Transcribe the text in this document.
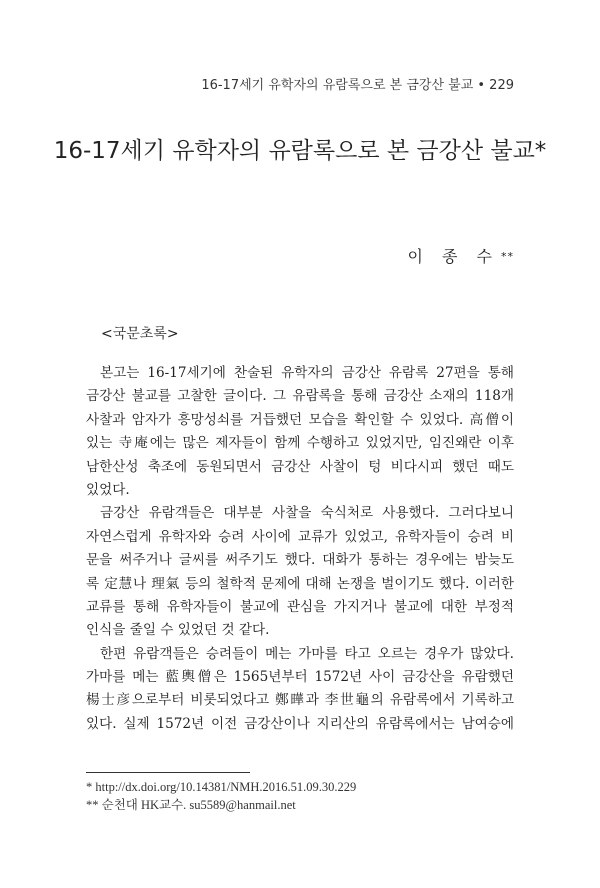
16-17세기 유학자의 유람록으로 본 금강산 불교 • 229
16-17세기 유학자의 유람록으로 본 금강산 불교*
이 종 수 **
<국문초록>
본고는 16-17세기에 찬술된 유학자의 금강산 유람록 27편을 통해
금강산 불교를 고찰한 글이다. 그 유람록을 통해 금강산 소재의 118개
사찰과 암자가 흥망성쇠를 거듭했던 모습을 확인할 수 있었다. 高僧이
있는 寺庵에는 많은 제자들이 함께 수행하고 있었지만, 임진왜란 이후
남한산성 축조에 동원되면서 금강산 사찰이 텅 비다시피 했던 때도
있었다.
금강산 유람객들은 대부분 사찰을 숙식처로 사용했다. 그러다보니
자연스럽게 유학자와 승려 사이에 교류가 있었고, 유학자들이 승려 비
문을 써주거나 글씨를 써주기도 했다. 대화가 통하는 경우에는 밤늦도
록 定慧나 理氣 등의 철학적 문제에 대해 논쟁을 벌이기도 했다. 이러한
교류를 통해 유학자들이 불교에 관심을 가지거나 불교에 대한 부정적
인식을 줄일 수 있었던 것 같다.
한편 유람객들은 승려들이 메는 가마를 타고 오르는 경우가 많았다.
가마를 메는 藍輿僧은 1565년부터 1572년 사이 금강산을 유람했던
楊士彦으로부터 비롯되었다고 鄭曄과 李世龜의 유람록에서 기록하고
있다. 실제 1572년 이전 금강산이나 지리산의 유람록에서는 남여승에
* http://dx.doi.org/10.14381/NMH.2016.51.09.30.229
** 순천대 HK교수. su5589@hanmail.net
